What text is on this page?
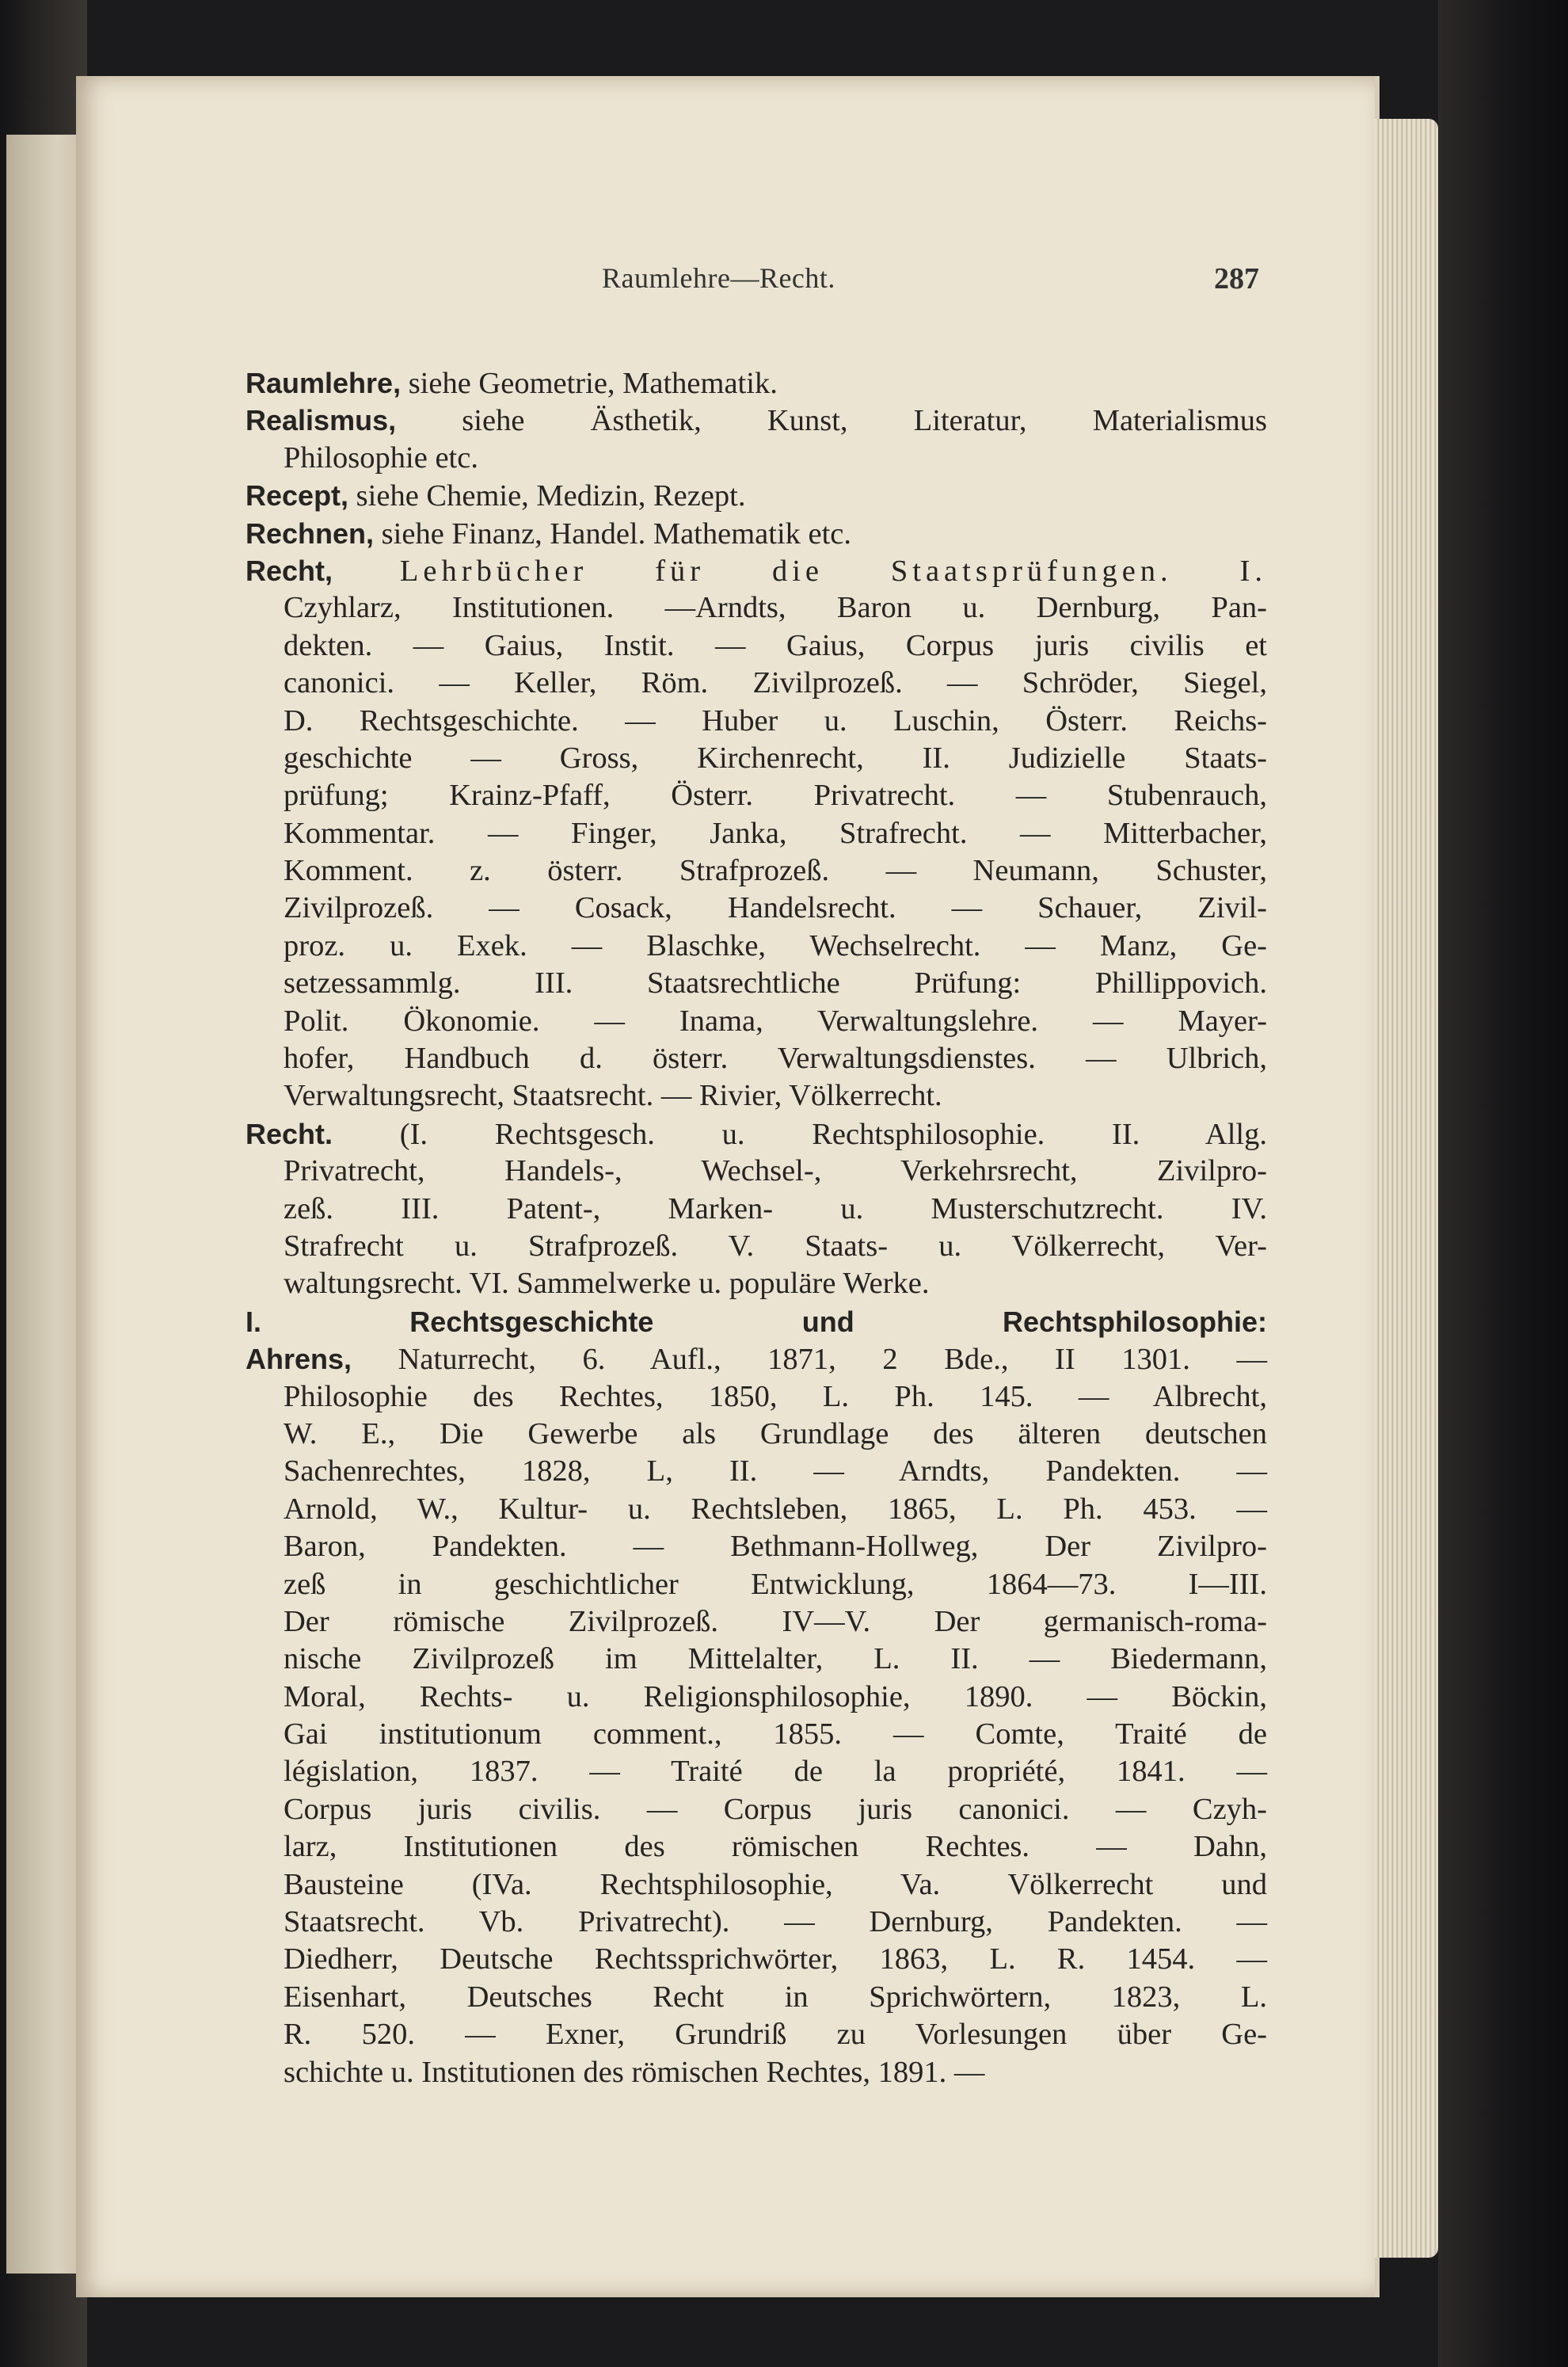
Raumlehre—Recht.	287
Raumlehre, siehe Geometrie, Mathematik.
Realismus, siehe Ästhetik, Kunst, Literatur, Materialismus
Philosophie etc.
Recept, siehe Chemie, Medizin, Rezept.
Rechnen, siehe Finanz, Handel. Mathematik etc.
Recht, Lehrbücher für die Staatsprüfungen. I.
Czyhlarz, Institutionen. —Arndts, Baron u. Dernburg, Pan-
dekten. — Gaius, Instit. — Gaius, Corpus juris civilis et
canonici. — Keller, Röm. Zivilprozeß. — Schröder, Siegel,
D. Rechtsgeschichte. — Huber u. Luschin, Österr. Reichs-
geschichte — Gross, Kirchenrecht, II. Judizielle Staats-
prüfung; Krainz-Pfaff, Österr. Privatrecht. — Stubenrauch,
Kommentar. — Finger, Janka, Strafrecht. — Mitterbacher,
Komment. z. österr. Strafprozeß. — Neumann, Schuster,
Zivilprozeß. — Cosack, Handelsrecht. — Schauer, Zivil-
proz. u. Exek. — Blaschke, Wechselrecht. — Manz, Ge-
setzessammlg. III. Staatsrechtliche Prüfung: Phillippovich.
Polit. Ökonomie. — Inama, Verwaltungslehre. — Mayer-
hofer, Handbuch d. österr. Verwaltungsdienstes. — Ulbrich,
Verwaltungsrecht, Staatsrecht. — Rivier, Völkerrecht.
Recht. (I. Rechtsgesch. u. Rechtsphilosophie. II. Allg.
Privatrecht, Handels-, Wechsel-, Verkehrsrecht, Zivilpro-
zeß. III. Patent-, Marken- u. Musterschutzrecht. IV.
Strafrecht u. Strafprozeß. V. Staats- u. Völkerrecht, Ver-
waltungsrecht. VI. Sammelwerke u. populäre Werke.
I. Rechtsgeschichte und Rechtsphilosophie:
Ahrens, Naturrecht, 6. Aufl., 1871, 2 Bde., II 1301. —
Philosophie des Rechtes, 1850, L. Ph. 145. — Albrecht,
W. E., Die Gewerbe als Grundlage des älteren deutschen
Sachenrechtes, 1828, L, II. — Arndts, Pandekten. —
Arnold, W., Kultur- u. Rechtsleben, 1865, L. Ph. 453. —
Baron, Pandekten. — Bethmann-Hollweg, Der Zivilpro-
zeß in geschichtlicher Entwicklung, 1864—73. I—III.
Der römische Zivilprozeß. IV—V. Der germanisch-roma-
nische Zivilprozeß im Mittelalter, L. II. — Biedermann,
Moral, Rechts- u. Religionsphilosophie, 1890. — Böckin,
Gai institutionum comment., 1855. — Comte, Traité de
législation, 1837. — Traité de la propriété, 1841. —
Corpus juris civilis. — Corpus juris canonici. — Czyh-
larz, Institutionen des römischen Rechtes. — Dahn,
Bausteine (IVa. Rechtsphilosophie, Va. Völkerrecht und
Staatsrecht. Vb. Privatrecht). — Dernburg, Pandekten. —
Diedherr, Deutsche Rechtssprichwörter, 1863, L. R. 1454. —
Eisenhart, Deutsches Recht in Sprichwörtern, 1823, L.
R. 520. — Exner, Grundriß zu Vorlesungen über Ge-
schichte u. Institutionen des römischen Rechtes, 1891. —
